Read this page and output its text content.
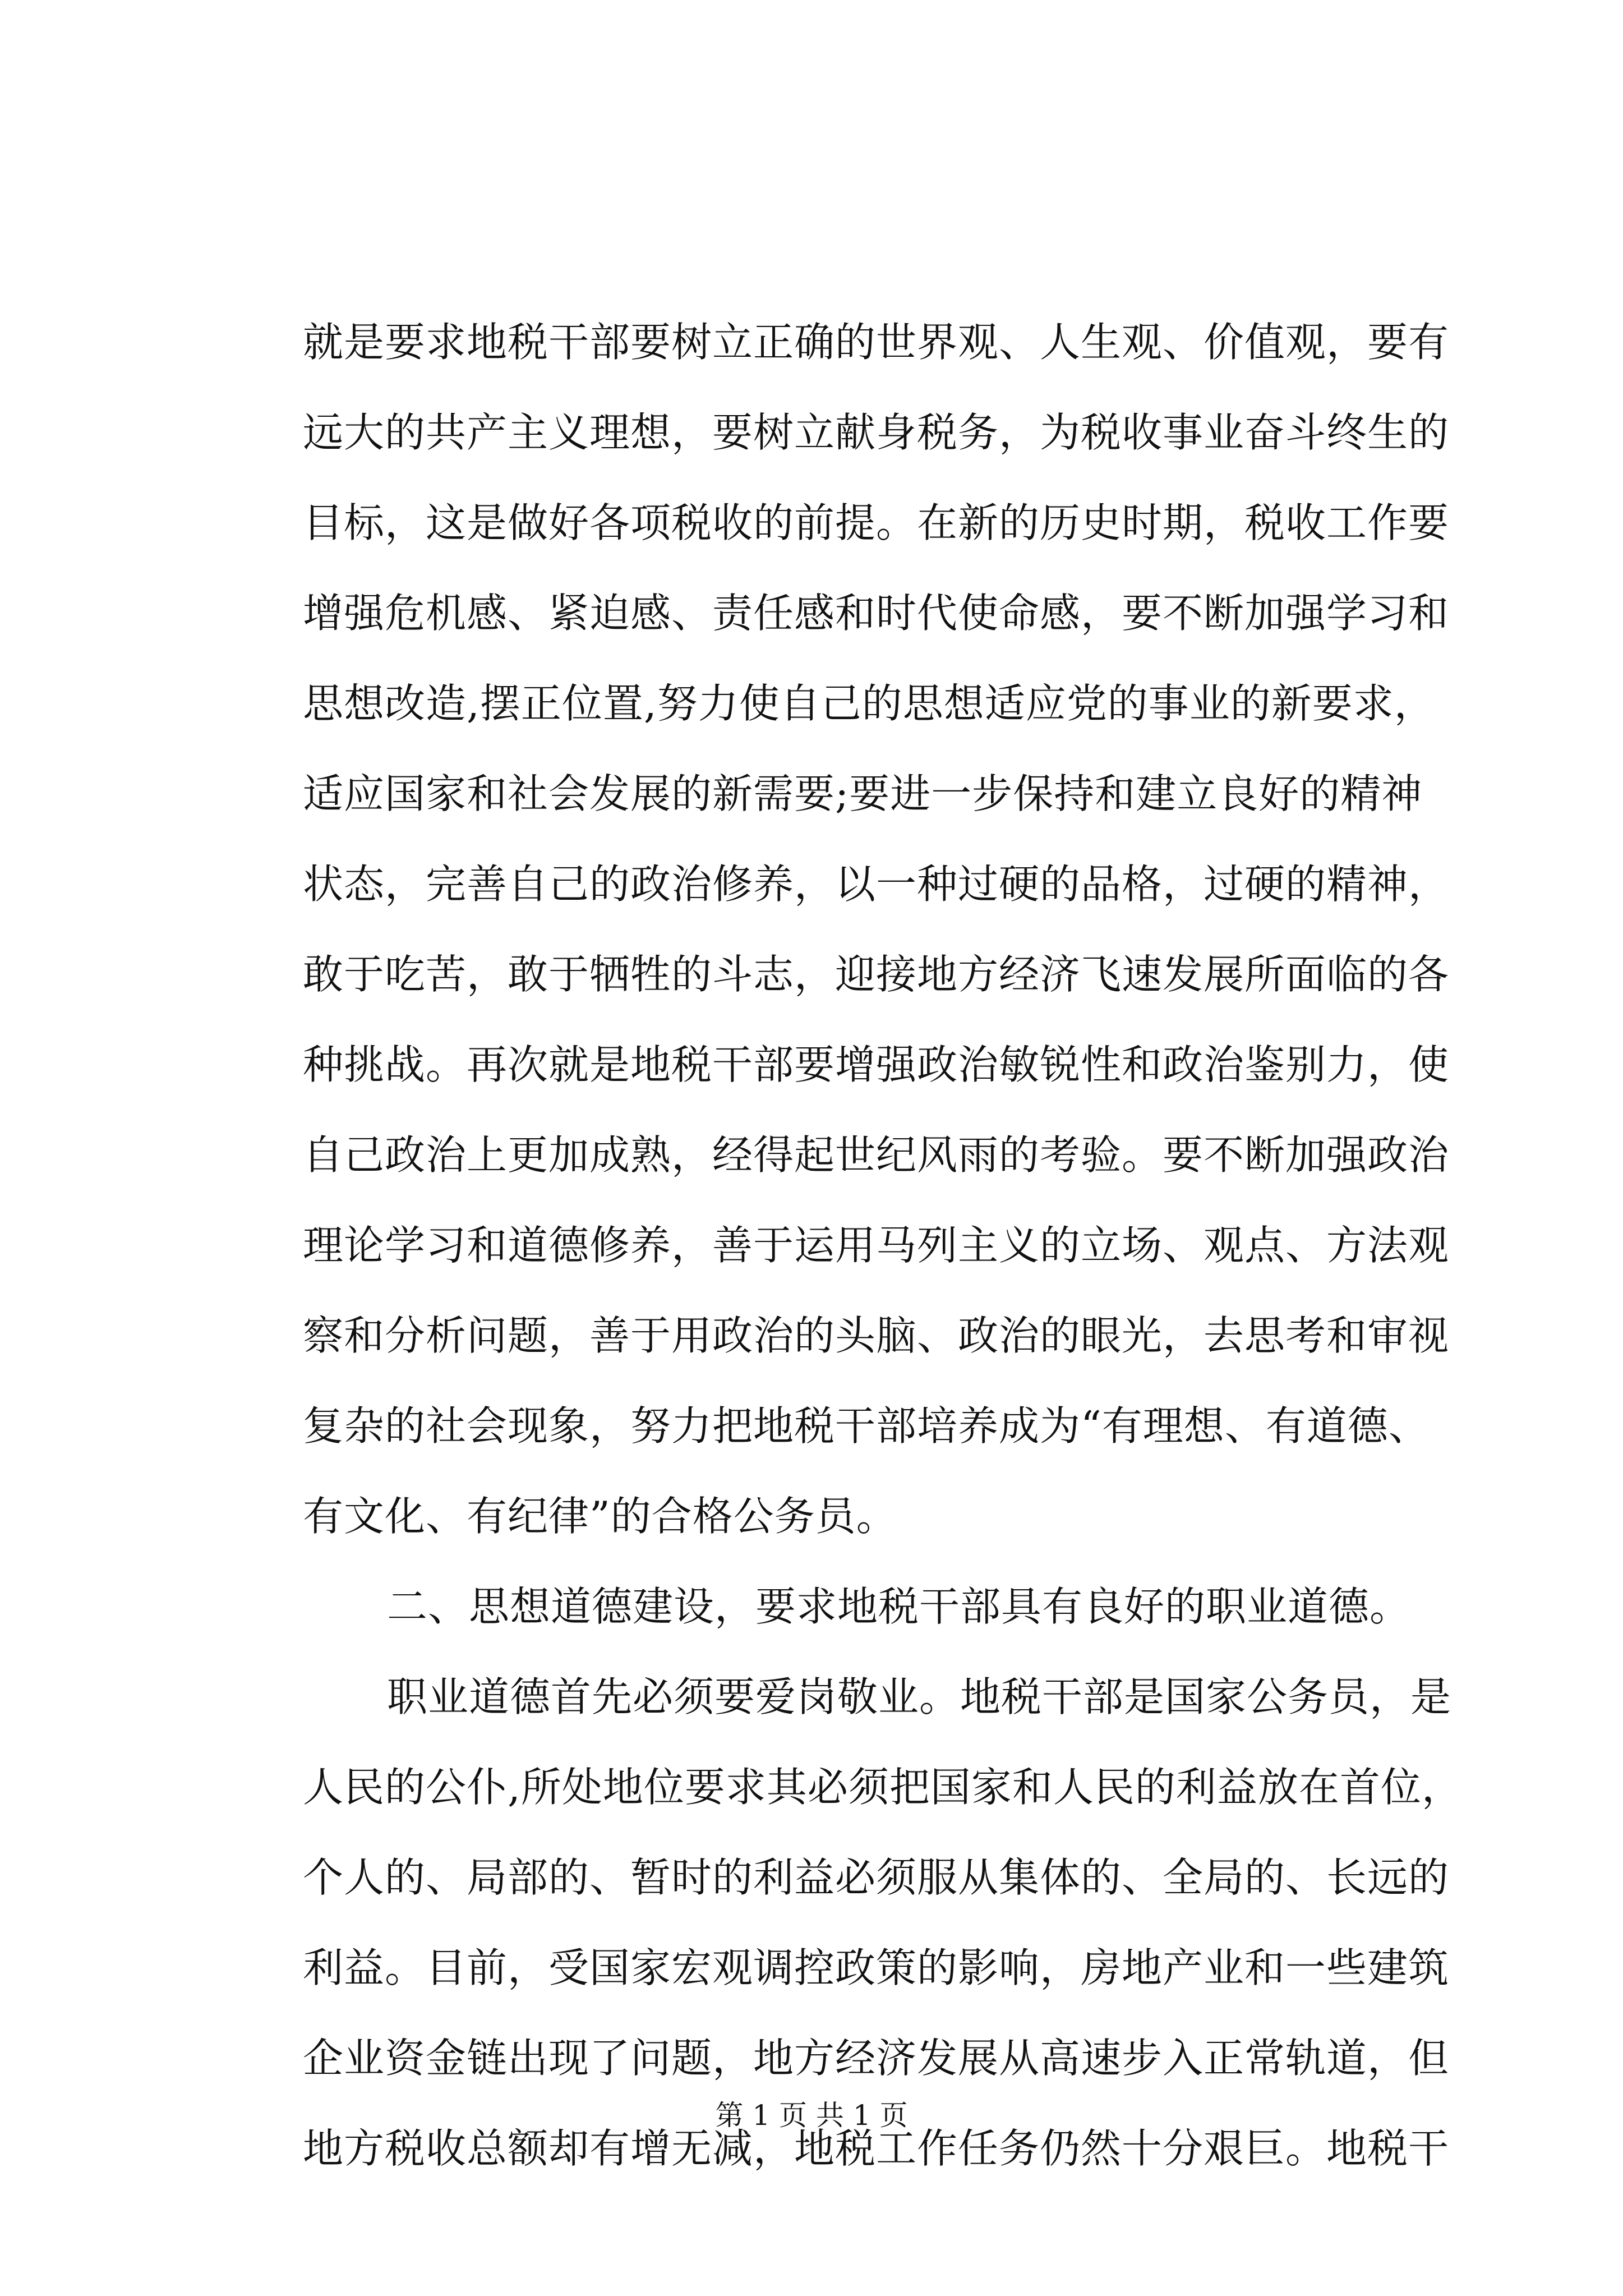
就是要求地税干部要树立正确的世界观、人生观、价值观，要有
远大的共产主义理想，要树立献身税务，为税收事业奋斗终生的
目标，这是做好各项税收的前提。在新的历史时期，税收工作要
增强危机感、紧迫感、责任感和时代使命感，要不断加强学习和
思想改造,摆正位置,努力使自己的思想适应党的事业的新要求，
适应国家和社会发展的新需要;要进一步保持和建立良好的精神
状态，完善自己的政治修养，以一种过硬的品格，过硬的精神，
敢于吃苦，敢于牺牲的斗志，迎接地方经济飞速发展所面临的各
种挑战。再次就是地税干部要增强政治敏锐性和政治鉴别力，使
自己政治上更加成熟，经得起世纪风雨的考验。要不断加强政治
理论学习和道德修养，善于运用马列主义的立场、观点、方法观
察和分析问题，善于用政治的头脑、政治的眼光，去思考和审视
复杂的社会现象，努力把地税干部培养成为“有理想、有道德、
有文化、有纪律”的合格公务员。
二、思想道德建设，要求地税干部具有良好的职业道德。
职业道德首先必须要爱岗敬业。地税干部是国家公务员，是
人民的公仆,所处地位要求其必须把国家和人民的利益放在首位，
个人的、局部的、暂时的利益必须服从集体的、全局的、长远的
利益。目前，受国家宏观调控政策的影响，房地产业和一些建筑
企业资金链出现了问题，地方经济发展从高速步入正常轨道，但
地方税收总额却有增无减，地税工作任务仍然十分艰巨。地税干
第 1 页 共 1 页
